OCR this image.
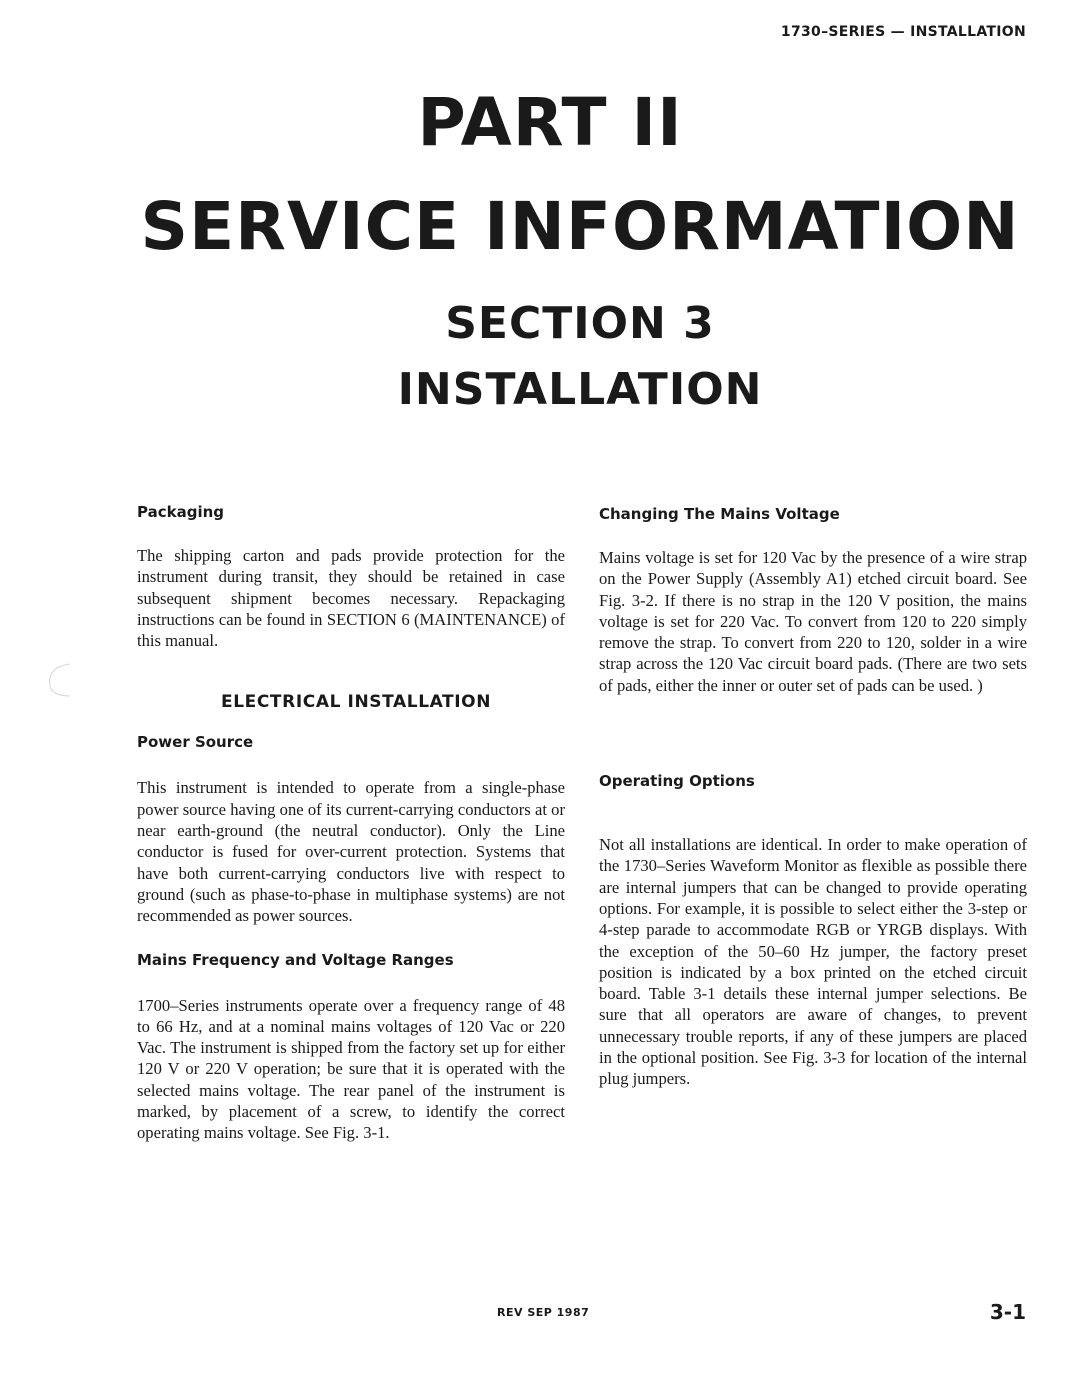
1730–SERIES — INSTALLATION
PART II
SERVICE INFORMATION
SECTION 3
INSTALLATION

Packaging

The shipping carton and pads provide protection for the instrument during transit, they should be retained in case subsequent shipment becomes necessary. Repackaging instructions can be found in SECTION 6 (MAINTENANCE) of this manual.

ELECTRICAL INSTALLATION

Power Source

This instrument is intended to operate from a single-phase power source having one of its current-carrying conductors at or near earth-ground (the neutral conductor). Only the Line conductor is fused for over-current protection. Systems that have both current-carrying conductors live with respect to ground (such as phase-to-phase in multiphase systems) are not recommended as power sources.

Mains Frequency and Voltage Ranges

1700–Series instruments operate over a frequency range of 48 to 66 Hz, and at a nominal mains voltages of 120 Vac or 220 Vac. The instrument is shipped from the factory set up for either 120 V or 220 V operation; be sure that it is operated with the selected mains voltage. The rear panel of the instrument is marked, by placement of a screw, to identify the correct operating mains voltage. See Fig. 3-1.

Changing The Mains Voltage

Mains voltage is set for 120 Vac by the presence of a wire strap on the Power Supply (Assembly A1) etched circuit board. See Fig. 3-2. If there is no strap in the 120 V position, the mains voltage is set for 220 Vac. To convert from 120 to 220 simply remove the strap. To convert from 220 to 120, solder in a wire strap across the 120 Vac circuit board pads. (There are two sets of pads, either the inner or outer set of pads can be used. )

Operating Options

Not all installations are identical. In order to make operation of the 1730–Series Waveform Monitor as flexible as possible there are internal jumpers that can be changed to provide operating options. For example, it is possible to select either the 3-step or 4-step parade to accommodate RGB or YRGB displays. With the exception of the 50–60 Hz jumper, the factory preset position is indicated by a box printed on the etched circuit board. Table 3-1 details these internal jumper selections. Be sure that all operators are aware of changes, to prevent unnecessary trouble reports, if any of these jumpers are placed in the optional position. See Fig. 3-3 for location of the internal plug jumpers.

REV SEP 1987	3-1
